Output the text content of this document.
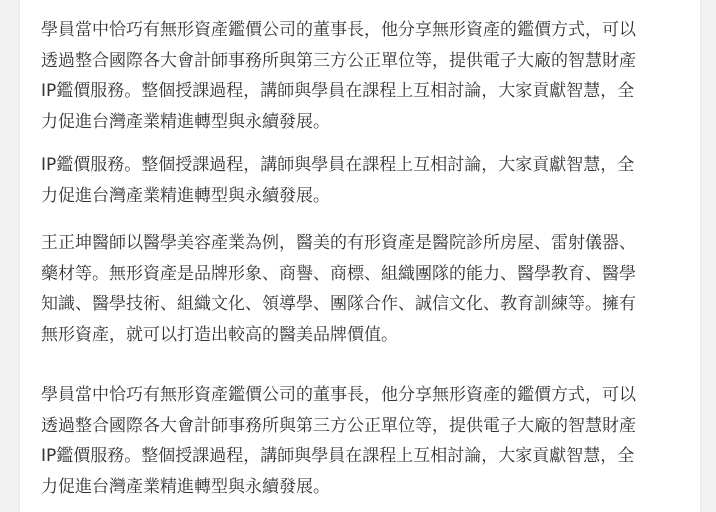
學員當中恰巧有無形資產鑑價公司的董事長，他分享無形資產的鑑價方式，可以
透過整合國際各大會計師事務所與第三方公正單位等，提供電子大廠的智慧財產
IP鑑價服務。整個授課過程，講師與學員在課程上互相討論，大家貢獻智慧，全
力促進台灣產業精進轉型與永續發展。

IP鑑價服務。整個授課過程，講師與學員在課程上互相討論，大家貢獻智慧，全
力促進台灣產業精進轉型與永續發展。

王正坤醫師以醫學美容產業為例，醫美的有形資產是醫院診所房屋、雷射儀器、
藥材等。無形資產是品牌形象、商譽、商標、組織團隊的能力、醫學教育、醫學
知識、醫學技術、組織文化、領導學、團隊合作、誠信文化、教育訓練等。擁有
無形資產，就可以打造出較高的醫美品牌價值。

學員當中恰巧有無形資產鑑價公司的董事長，他分享無形資產的鑑價方式，可以
透過整合國際各大會計師事務所與第三方公正單位等，提供電子大廠的智慧財產
IP鑑價服務。整個授課過程，講師與學員在課程上互相討論，大家貢獻智慧，全
力促進台灣產業精進轉型與永續發展。
